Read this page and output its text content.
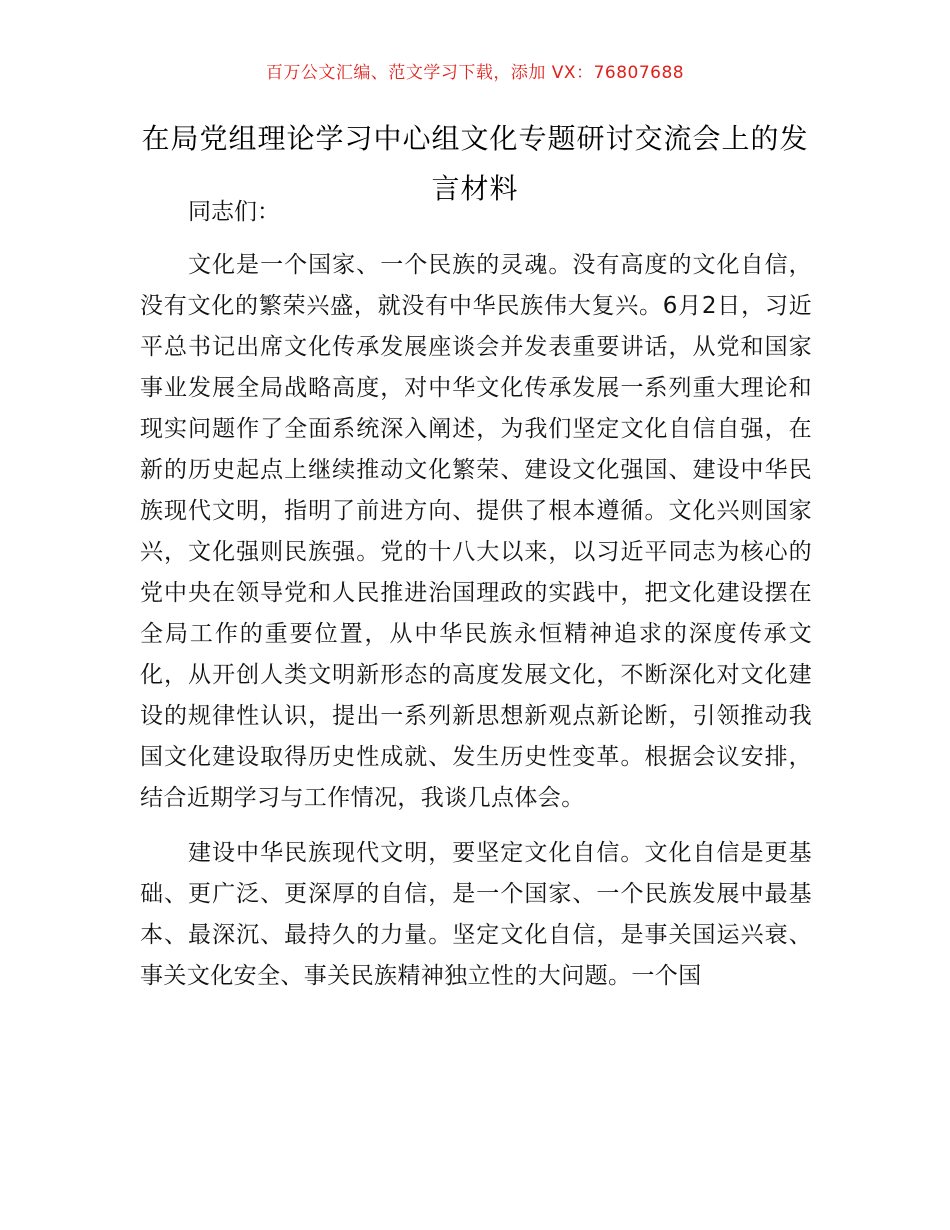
百万公文汇编、范文学习下载，添加 VX：76807688
在局党组理论学习中心组文化专题研讨交流会上的发言材料

同志们：

文化是一个国家、一个民族的灵魂。没有高度的文化自信，没有文化的繁荣兴盛，就没有中华民族伟大复兴。6月2日，习近平总书记出席文化传承发展座谈会并发表重要讲话，从党和国家事业发展全局战略高度，对中华文化传承发展一系列重大理论和现实问题作了全面系统深入阐述，为我们坚定文化自信自强，在新的历史起点上继续推动文化繁荣、建设文化强国、建设中华民族现代文明，指明了前进方向、提供了根本遵循。文化兴则国家兴，文化强则民族强。党的十八大以来，以习近平同志为核心的党中央在领导党和人民推进治国理政的实践中，把文化建设摆在全局工作的重要位置，从中华民族永恒精神追求的深度传承文化，从开创人类文明新形态的高度发展文化，不断深化对文化建设的规律性认识，提出一系列新思想新观点新论断，引领推动我国文化建设取得历史性成就、发生历史性变革。根据会议安排，结合近期学习与工作情况，我谈几点体会。

建设中华民族现代文明，要坚定文化自信。文化自信是更基础、更广泛、更深厚的自信，是一个国家、一个民族发展中最基本、最深沉、最持久的力量。坚定文化自信，是事关国运兴衰、事关文化安全、事关民族精神独立性的大问题。一个国
